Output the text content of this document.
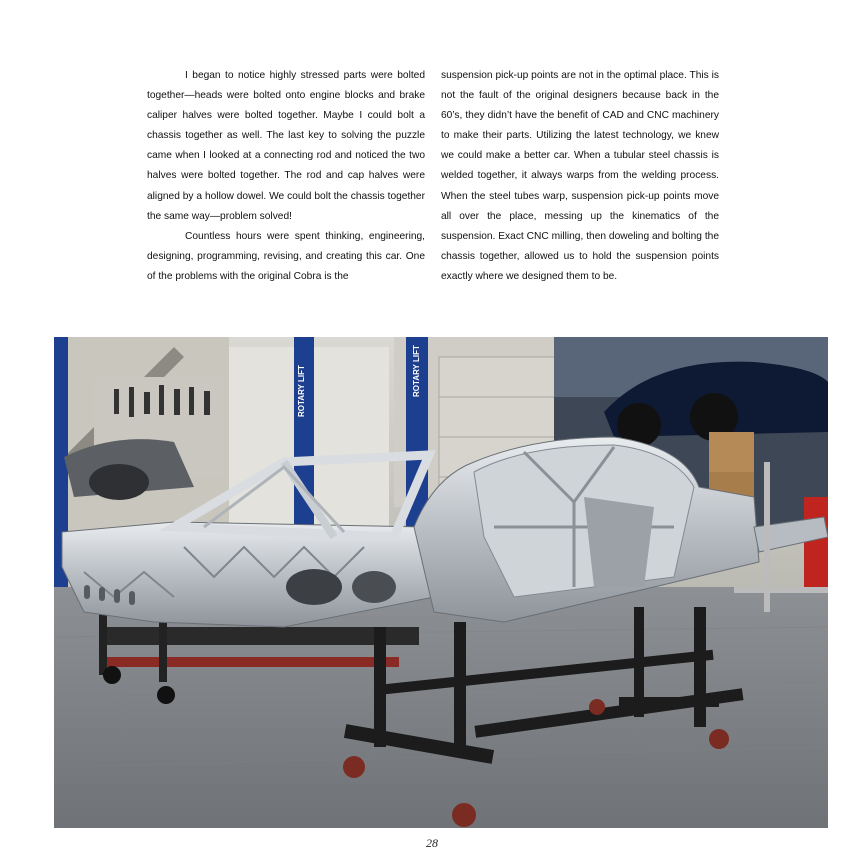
I began to notice highly stressed parts were bolted together—heads were bolted onto engine blocks and brake caliper halves were bolted together. Maybe I could bolt a chassis together as well. The last key to solving the puzzle came when I looked at a connecting rod and noticed the two halves were bolted together. The rod and cap halves were aligned by a hollow dowel. We could bolt the chassis together the same way—problem solved!

Countless hours were spent thinking, engineering, designing, programming, revising, and creating this car. One of the problems with the original Cobra is the

suspension pick-up points are not in the optimal place. This is not the fault of the original designers because back in the 60’s, they didn’t have the benefit of CAD and CNC machinery to make their parts. Utilizing the latest technology, we knew we could make a better car. When a tubular steel chassis is welded together, it always warps from the welding process. When the steel tubes warp, suspension pick-up points move all over the place, messing up the kinematics of the suspension. Exact CNC milling, then doweling and bolting the chassis together, allowed us to hold the suspension points exactly where we designed them to be.

ROTARY LIFT	ROTARY LIFT
28
